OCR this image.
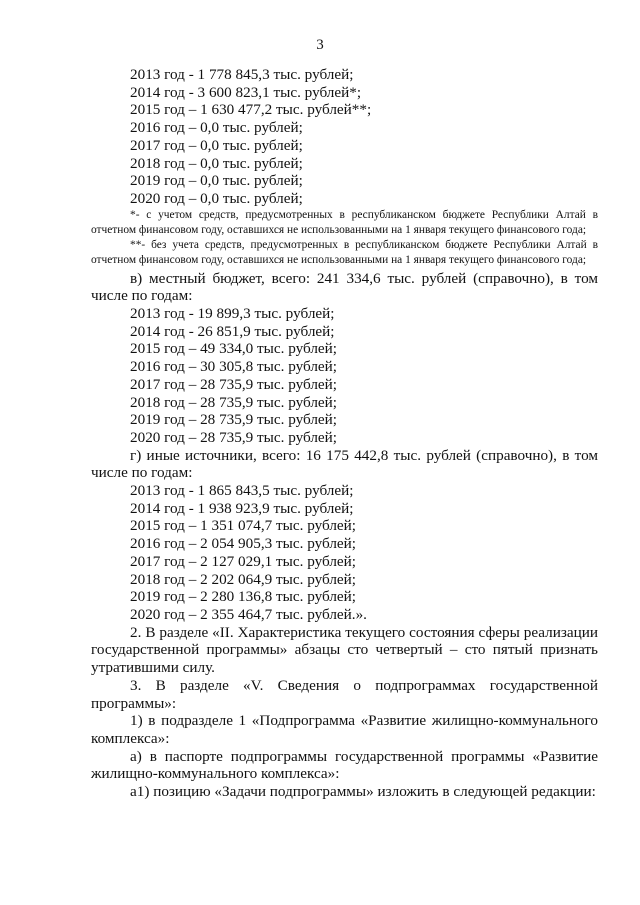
3
2013 год - 1 778 845,3 тыс. рублей;
2014 год - 3 600 823,1 тыс. рублей*;
2015 год – 1 630 477,2 тыс. рублей**;
2016 год – 0,0 тыс. рублей;
2017 год – 0,0 тыс. рублей;
2018 год – 0,0 тыс. рублей;
2019 год – 0,0 тыс. рублей;
2020 год – 0,0 тыс. рублей;
*- с учетом средств, предусмотренных в республиканском бюджете Республики Алтай в отчетном финансовом году, оставшихся не использованными на 1 января текущего финансового года;
**- без учета средств, предусмотренных в республиканском бюджете Республики Алтай в отчетном финансовом году, оставшихся не использованными на 1 января текущего финансового года;
в) местный бюджет, всего: 241 334,6 тыс. рублей (справочно), в том числе по годам:
2013 год - 19 899,3 тыс. рублей;
2014 год - 26 851,9 тыс. рублей;
2015 год – 49 334,0 тыс. рублей;
2016 год – 30 305,8 тыс. рублей;
2017 год – 28 735,9 тыс. рублей;
2018 год – 28 735,9 тыс. рублей;
2019 год – 28 735,9 тыс. рублей;
2020 год – 28 735,9 тыс. рублей;
г) иные источники, всего: 16 175 442,8 тыс. рублей (справочно), в том числе по годам:
2013 год - 1 865 843,5 тыс. рублей;
2014 год - 1 938 923,9 тыс. рублей;
2015 год – 1 351 074,7 тыс. рублей;
2016 год – 2 054 905,3 тыс. рублей;
2017 год – 2 127 029,1 тыс. рублей;
2018 год – 2 202 064,9 тыс. рублей;
2019 год – 2 280 136,8 тыс. рублей;
2020 год – 2 355 464,7 тыс. рублей.».
2. В разделе «II. Характеристика текущего состояния сферы реализации государственной программы» абзацы сто четвертый – сто пятый признать утратившими силу.
3. В разделе «V. Сведения о подпрограммах государственной программы»:
1) в подразделе 1 «Подпрограмма «Развитие жилищно-коммунального комплекса»:
а) в паспорте подпрограммы государственной программы «Развитие жилищно-коммунального комплекса»:
а1) позицию «Задачи подпрограммы» изложить в следующей редакции:
